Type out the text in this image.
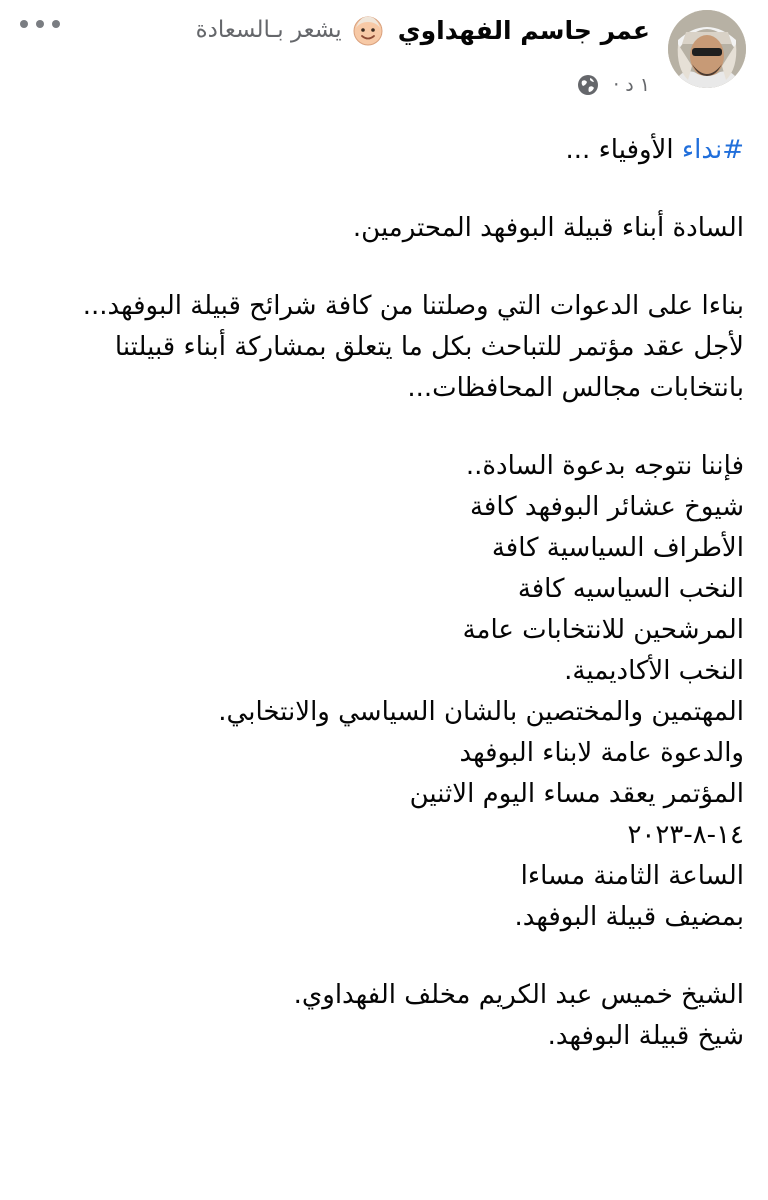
عمر جاسم الفهداوي
يشعر بـالسعادة
١ د
·

#نداء الأوفياء ...

السادة أبناء قبيلة البوفهد المحترمين.

بناءا على الدعوات التي وصلتنا من كافة شرائح قبيلة البوفهد...

لأجل عقد مؤتمر للتباحث بكل ما يتعلق بمشاركة أبناء قبيلتنا

بانتخابات مجالس المحافظات...

فإننا نتوجه بدعوة السادة..

شيوخ عشائر البوفهد كافة

الأطراف السياسية كافة

النخب السياسيه كافة

المرشحين للانتخابات عامة

النخب الأكاديمية.

المهتمين والمختصين بالشان السياسي والانتخابي.

والدعوة عامة لابناء البوفهد

المؤتمر يعقد مساء اليوم الاثنين

١٤-٨-٢٠٢٣

الساعة الثامنة مساءا

بمضيف قبيلة البوفهد.

الشيخ خميس عبد الكريم مخلف الفهداوي.

شيخ قبيلة البوفهد.
